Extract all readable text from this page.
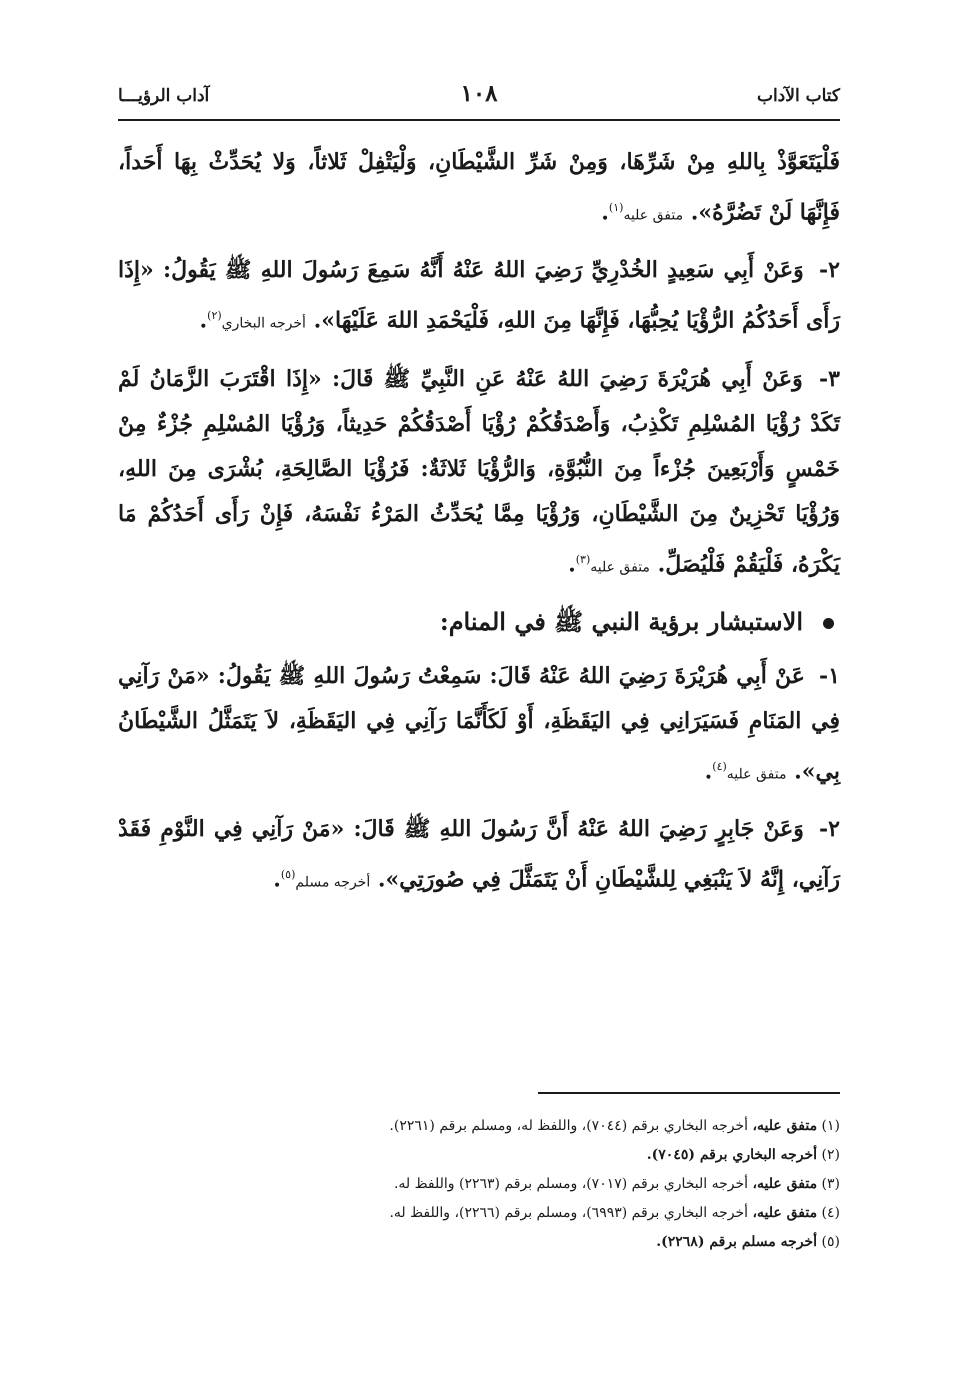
كتاب الآداب
١٠٨
آداب الرؤيـــا

فَلْيَتَعَوَّذْ بِاللهِ مِنْ شَرِّهَا، وَمِنْ شَرِّ الشَّيْطَانِ، وَلْيَتْفِلْ ثَلاثاً، وَلا يُحَدِّثْ بِهَا أَحَداً، فَإِنَّهَا لَنْ تَضُرَّهُ». متفق عليه$^{(١)}$.

٢- وَعَنْ أَبِي سَعِيدٍ الخُدْرِيِّ رَضِيَ اللهُ عَنْهُ أَنَّهُ سَمِعَ رَسُولَ اللهِ ﷺ يَقُولُ: «إِذَا رَأَى أَحَدُكُمُ الرُّؤْيَا يُحِبُّهَا، فَإِنَّهَا مِنَ اللهِ، فَلْيَحْمَدِ اللهَ عَلَيْهَا». أخرجه البخاري$^{(٢)}$.

٣- وَعَنْ أَبِي هُرَيْرَةَ رَضِيَ اللهُ عَنْهُ عَنِ النَّبِيِّ ﷺ قَالَ: «إِذَا اقْتَرَبَ الزَّمَانُ لَمْ تَكَدْ رُؤْيَا المُسْلِمِ تَكْذِبُ، وَأَصْدَقُكُمْ رُؤْيَا أَصْدَقُكُمْ حَدِيثاً، وَرُؤْيَا المُسْلِمِ جُزْءٌ مِنْ خَمْسٍ وَأَرْبَعِينَ جُزْءاً مِنَ النُّبُوَّةِ، وَالرُّؤْيَا ثَلاثَةٌ: فَرُؤْيَا الصَّالِحَةِ، بُشْرَى مِنَ اللهِ، وَرُؤْيَا تَحْزِينٌ مِنَ الشَّيْطَانِ، وَرُؤْيَا مِمَّا يُحَدِّثُ المَرْءُ نَفْسَهُ، فَإِنْ رَأَى أَحَدُكُمْ مَا يَكْرَهُ، فَلْيَقُمْ فَلْيُصَلِّ. متفق عليه$^{(٣)}$.

الاستبشار برؤية النبي ﷺ في المنام:

١- عَنْ أَبِي هُرَيْرَةَ رَضِيَ اللهُ عَنْهُ قَالَ: سَمِعْتُ رَسُولَ اللهِ ﷺ يَقُولُ: «مَنْ رَآنِي فِي المَنَامِ فَسَيَرَانِي فِي اليَقَظَةِ، أَوْ لَكَأَنَّمَا رَآنِي فِي اليَقَظَةِ، لاَ يَتَمَثَّلُ الشَّيْطَانُ بِي». متفق عليه$^{(٤)}$.

٢- وَعَنْ جَابِرٍ رَضِيَ اللهُ عَنْهُ أَنَّ رَسُولَ اللهِ ﷺ قَالَ: «مَنْ رَآنِي فِي النَّوْمِ فَقَدْ رَآنِي، إِنَّهُ لاَ يَنْبَغِي لِلشَّيْطَانِ أَنْ يَتَمَثَّلَ فِي صُورَتِي». أخرجه مسلم$^{(٥)}$.

(١) متفق عليه، أخرجه البخاري برقم (٧٠٤٤)، واللفظ له، ومسلم برقم (٢٢٦١).

(٢) أخرجه البخاري برقم (٧٠٤٥).

(٣) متفق عليه، أخرجه البخاري برقم (٧٠١٧)، ومسلم برقم (٢٢٦٣) واللفظ له.

(٤) متفق عليه، أخرجه البخاري برقم (٦٩٩٣)، ومسلم برقم (٢٢٦٦)، واللفظ له.

(٥) أخرجه مسلم برقم (٢٢٦٨).
